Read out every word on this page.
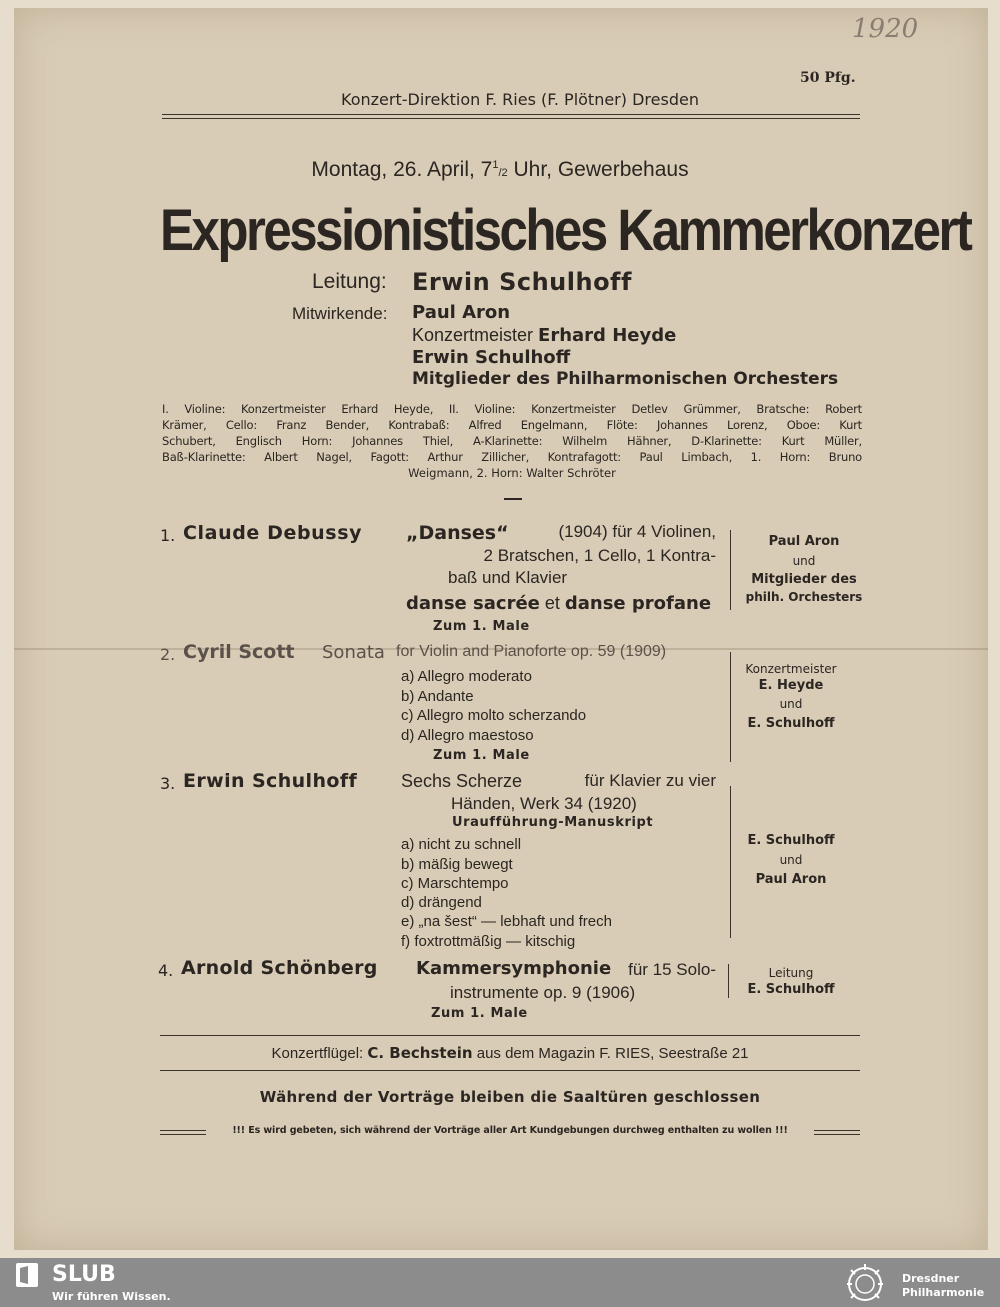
1920
50 Pfg.
Konzert-Direktion F. Ries (F. Plötner) Dresden
Montag, 26. April, $7^1/2$ Uhr, Gewerbehaus
Expressionistisches Kammerkonzert
Leitung: Erwin Schulhoff
Mitwirkende: Paul Aron
Konzertmeister Erhard Heyde
Erwin Schulhoff
Mitglieder des Philharmonischen Orchesters
I. Violine: Konzertmeister Erhard Heyde, II. Violine: Konzertmeister Detlev Grümmer, Bratsche: Robert
Krämer, Cello: Franz Bender, Kontrabaß: Alfred Engelmann, Flöte: Johannes Lorenz, Oboe: Kurt
Schubert, Englisch Horn: Johannes Thiel, A-Klarinette: Wilhelm Hähner, D-Klarinette: Kurt Müller,
Baß-Klarinette: Albert Nagel, Fagott: Arthur Zillicher, Kontrafagott: Paul Limbach, 1. Horn: Bruno
Weigmann, 2. Horn: Walter Schröter
1. Claude Debussy „Danses“	(1904) für 4 Violinen,
2 Bratschen, 1 Cello, 1 Kontra-
baß und Klavier
danse sacrée et danse profane
Zum 1. Male
Paul Aron
und
Mitglieder des
philh. Orchesters
2. Cyril Scott Sonata for Violin and Pianoforte op. 59 (1909)
a) Allegro moderato
b) Andante
c) Allegro molto scherzando
d) Allegro maestoso
Zum 1. Male
Konzertmeister
E. Heyde
und
E. Schulhoff
3. Erwin Schulhoff Sechs Scherze	für Klavier zu vier
Händen, Werk 34 (1920)
Uraufführung-Manuskript
a) nicht zu schnell
b) mäßig bewegt
c) Marschtempo
d) drängend
e) „na šest“ — lebhaft und frech
f) foxtrottmäßig — kitschig
E. Schulhoff
und
Paul Aron
4. Arnold Schönberg Kammersymphonie für 15 Solo-
instrumente op. 9 (1906)
Zum 1. Male
Leitung
E. Schulhoff
Konzertflügel: C. Bechstein aus dem Magazin F. RIES, Seestraße 21
Während der Vorträge bleiben die Saaltüren geschlossen
!!! Es wird gebeten, sich während der Vorträge aller Art Kundgebungen durchweg enthalten zu wollen !!!
SLUB
Wir führen Wissen.
Dresdner
Philharmonie
